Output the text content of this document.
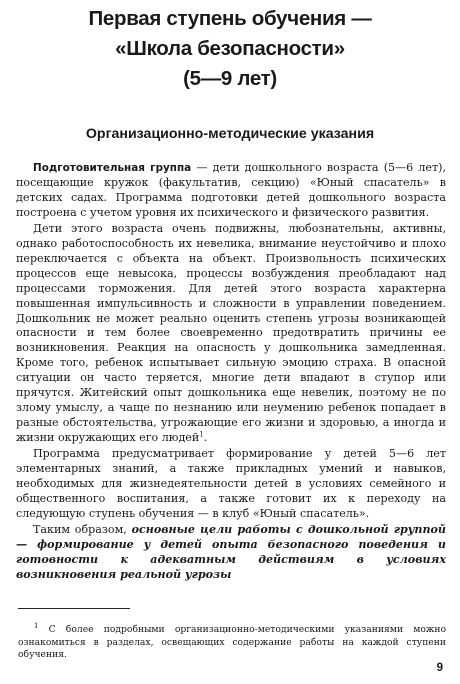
Первая ступень обучения —
«Школа безопасности»
(5—9 лет)
Организационно-методические указания

Подготовительная группа — дети дошкольного возраста (5—6 лет), посещающие кружок (факультатив, секцию) «Юный спасатель» в детских садах. Программа подготовки детей дошкольного возраста построена с учетом уровня их психического и физического развития.

Дети этого возраста очень подвижны, любознательны, активны, однако работоспособность их невелика, внимание неустойчиво и плохо переключается с объекта на объект. Произвольность психических процессов еще невысока, процессы возбуждения преобладают над процессами торможения. Для детей этого возраста характерна повышенная импульсивность и сложности в управлении поведением. Дошкольник не может реально оценить степень угрозы возникающей опасности и тем более своевременно предотвратить причины ее возникновения. Реакция на опасность у дошкольника замедленная. Кроме того, ребенок испытывает сильную эмоцию страха. В опасной ситуации он часто теряется, многие дети впадают в ступор или прячутся. Житейский опыт дошкольника еще невелик, поэтому не по злому умыслу, а чаще по незнанию или неумению ребенок попадает в разные обстоятельства, угрожающие его жизни и здоровью, а иногда и жизни окружающих его людей$^1$.

Программа предусматривает формирование у детей 5—6 лет элементарных знаний, а также прикладных умений и навыков, необходимых для жизнедеятельности детей в условиях семейного и общественного воспитания, а также готовит их к переходу на следующую ступень обучения — в клуб «Юный спасатель».

Таким образом, основные цели работы с дошкольной группой — формирование у детей опыта безопасного поведения и готовности к адекватным действиям в условиях возникновения реальной угрозы

$^1$ С более подробными организационно-методическими указаниями можно ознакомиться в разделах, освещающих содержание работы на каждой ступени обучения.
9
